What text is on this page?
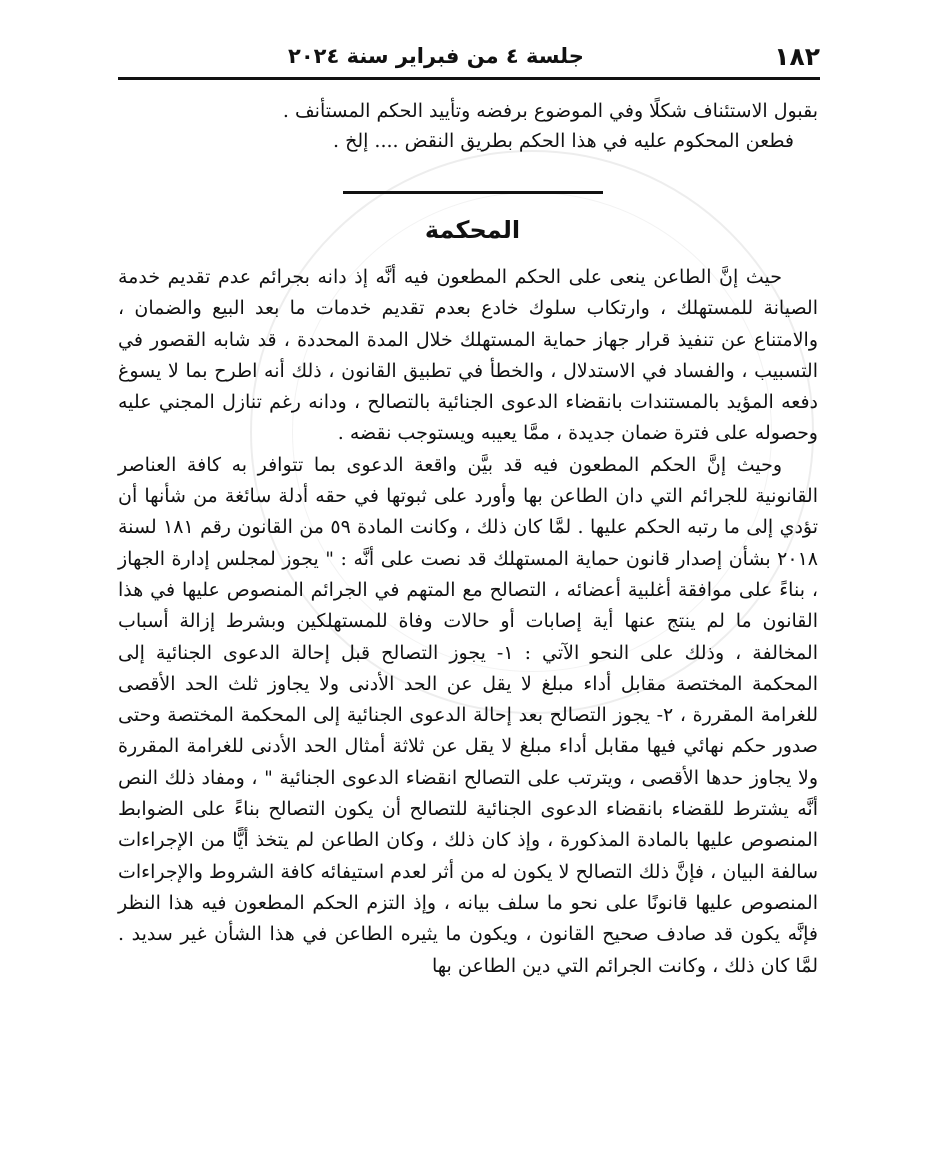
١٨٢
جلسة ٤ من فبراير سنة ٢٠٢٤

بقبول الاستئناف شكلًا وفي الموضوع برفضه وتأييد الحكم المستأنف .

فطعن المحكوم عليه في هذا الحكم بطريق النقض .... إلخ .

المحكمة

حيث إنَّ الطاعن ينعى على الحكم المطعون فيه أنَّه إذ دانه بجرائم عدم تقديم خدمة الصيانة للمستهلك ، وارتكاب سلوك خادع بعدم تقديم خدمات ما بعد البيع والضمان ، والامتناع عن تنفيذ قرار جهاز حماية المستهلك خلال المدة المحددة ، قد شابه القصور في التسبيب ، والفساد في الاستدلال ، والخطأ في تطبيق القانون ، ذلك أنه اطرح بما لا يسوغ دفعه المؤيد بالمستندات بانقضاء الدعوى الجنائية بالتصالح ، ودانه رغم تنازل المجني عليه وحصوله على فترة ضمان جديدة ، ممَّا يعيبه ويستوجب نقضه .

وحيث إنَّ الحكم المطعون فيه قد بيَّن واقعة الدعوى بما تتوافر به كافة العناصر القانونية للجرائم التي دان الطاعن بها وأورد على ثبوتها في حقه أدلة سائغة من شأنها أن تؤدي إلى ما رتبه الحكم عليها . لمَّا كان ذلك ، وكانت المادة ٥٩ من القانون رقم ١٨١ لسنة ٢٠١٨ بشأن إصدار قانون حماية المستهلك قد نصت على أنَّه : " يجوز لمجلس إدارة الجهاز ، بناءً على موافقة أغلبية أعضائه ، التصالح مع المتهم في الجرائم المنصوص عليها في هذا القانون ما لم ينتج عنها أية إصابات أو حالات وفاة للمستهلكين وبشرط إزالة أسباب المخالفة ، وذلك على النحو الآتي : ١- يجوز التصالح قبل إحالة الدعوى الجنائية إلى المحكمة المختصة مقابل أداء مبلغ لا يقل عن الحد الأدنى ولا يجاوز ثلث الحد الأقصى للغرامة المقررة ، ٢- يجوز التصالح بعد إحالة الدعوى الجنائية إلى المحكمة المختصة وحتى صدور حكم نهائي فيها مقابل أداء مبلغ لا يقل عن ثلاثة أمثال الحد الأدنى للغرامة المقررة ولا يجاوز حدها الأقصى ، ويترتب على التصالح انقضاء الدعوى الجنائية " ، ومفاد ذلك النص أنَّه يشترط للقضاء بانقضاء الدعوى الجنائية للتصالح أن يكون التصالح بناءً على الضوابط المنصوص عليها بالمادة المذكورة ، وإذ كان ذلك ، وكان الطاعن لم يتخذ أيًّا من الإجراءات سالفة البيان ، فإنَّ ذلك التصالح لا يكون له من أثر لعدم استيفائه كافة الشروط والإجراءات المنصوص عليها قانونًا على نحو ما سلف بيانه ، وإذ التزم الحكم المطعون فيه هذا النظر فإنَّه يكون قد صادف صحيح القانون ، ويكون ما يثيره الطاعن في هذا الشأن غير سديد . لمَّا كان ذلك ، وكانت الجرائم التي دين الطاعن بها
